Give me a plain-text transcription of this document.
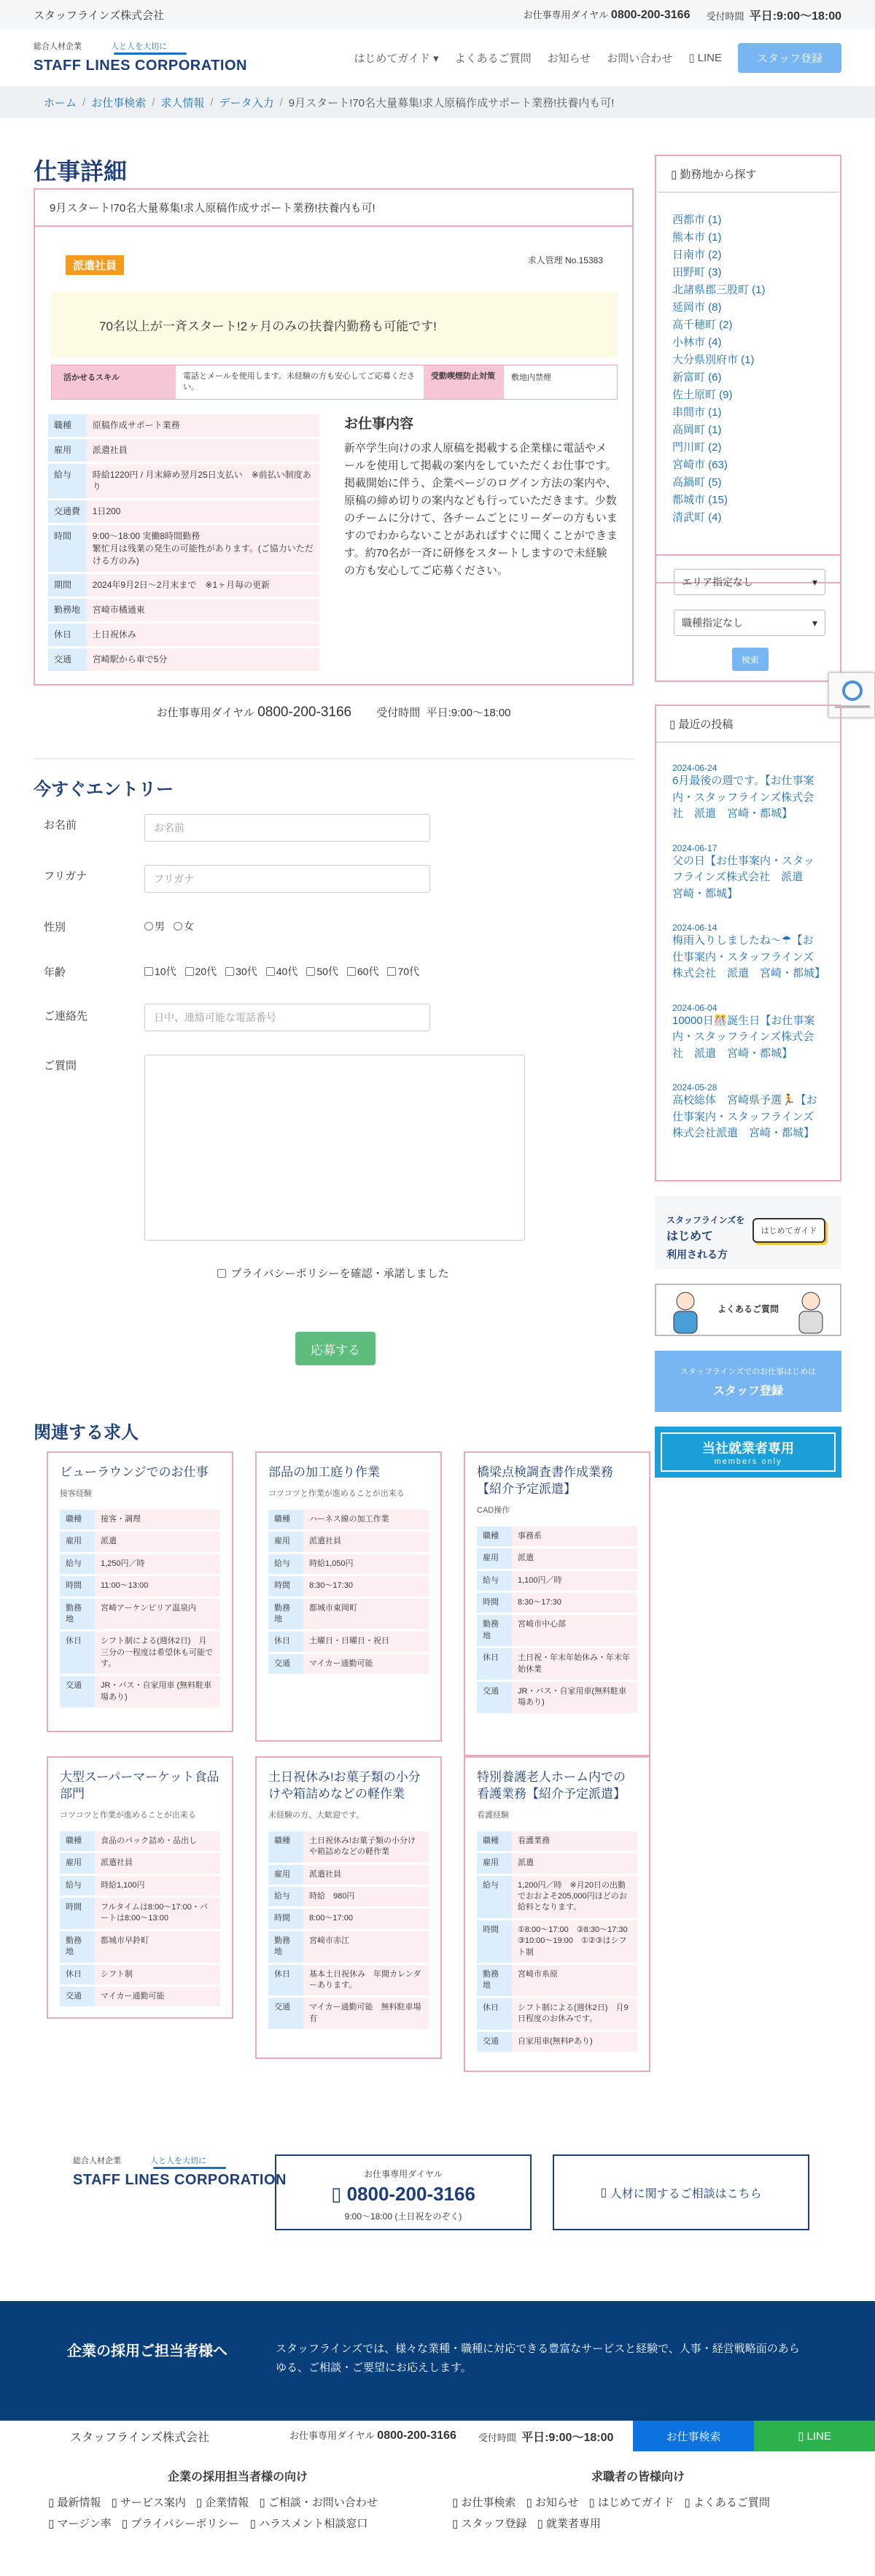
スタッフラインズ株式会社	お仕事専用ダイヤル 0800-200-3166 受付時間 平日:9:00〜18:00
総合人材企業	人と人を大切に
STAFF LINES CORPORATION	はじめてガイド ▾ よくあるご質問 お知らせ お問い合わせ ▯ LINE	スタッフ登録
ホーム / お仕事検索 / 求人情報 / データ入力 / 9月スタート!70名大量募集!求人原稿作成サポート業務!扶養内も可!
仕事詳細
9月スタート!70名大量募集!求人原稿作成サポート業務!扶養内も可!
派遣社員	求人管理 No.15383
70名以上が一斉スタート!2ヶ月のみの扶養内勤務も可能です!
活かせるスキル	電話とメールを使用します。未経験の方も安心してご応募ください。
受動喫煙防止対策	敷地内禁煙
職種	原稿作成サポート業務
雇用	派遣社員
給与	時給1220円 / 月末締め翌月25日支払い　※前払い制度あり
交通費	1日200
時間	9:00〜18:00 実働8時間勤務
繁忙月は残業の発生の可能性があります。(ご協力いただける方のみ)
期間	2024年9月2日〜2月末まで　※1ヶ月毎の更新
勤務地	宮崎市橘通東
休日	土日祝休み
交通	宮崎駅から車で5分
お仕事内容

新卒学生向けの求人原稿を掲載する企業様に電話やメールを使用して掲載の案内をしていただくお仕事です。掲載開始に伴う、企業ページのログイン方法の案内や、原稿の締め切りの案内なども行っていただきます。少数のチームに分けて、各チームごとにリーダーの方もいますのでわからないことがあればすぐに聞くことができます。約70名が一斉に研修をスタートしますので未経験の方も安心してご応募ください。

お仕事専用ダイヤル 0800-200-3166 受付時間 平日:9:00〜18:00
今すぐエントリー
お名前	お名前
フリガナ	フリガナ
性別	男 女
年齢	10代 20代 30代 40代 50代 60代 70代
ご連絡先	日中、連絡可能な電話番号
ご質問
プライバシーポリシーを確認・承諾しました
応募する
関連する求人
ビューラウンジでのお仕事
接客経験
職種	接客・調理
雇用	派遣
給与	1,250円／時
時間	11:00〜13:00
勤務地	宮崎アーケンビリア温泉内
休日	シフト制による(週休2日)　月三分の一程度は希望休も可能です。
交通	JR・バス・自家用車 (無料駐車場あり)
部品の加工庭り作業
コツコツと作業が進めることが出来る
職種	ハーネス線の加工作業
雇用	派遣社員
給与	時給1,050円
時間	8:30〜17:30
勤務地	都城市東岡町
休日	土曜日・日曜日・祝日
交通	マイカー通勤可能
橋梁点検調査書作成業務【紹介予定派遣】
CAD操作
職種	事務系
雇用	派遣
給与	1,100円／時
時間	8:30〜17:30
勤務地	宮崎市中心部
休日	土日祝・年末年始休み・年末年始休業
交通	JR・バス・自家用車(無料駐車場あり)
大型スーパーマーケット食品部門
コツコツと作業が進めることが出来る
職種	食品のパック詰め・品出し
雇用	派遣社員
給与	時給1,100円
時間	フルタイムは8:00〜17:00・パートは8:00〜13:00
勤務地	都城市早鈴町
休日	シフト制
交通	マイカー通勤可能
土日祝休み!お菓子類の小分けや箱詰めなどの軽作業
未経験の方、大歓迎です。
職種	土日祝休み!お菓子類の小分けや箱詰めなどの軽作業
雇用	派遣社員
給与	時給　980円
時間	8:00〜17:00
勤務地	宮崎市赤江
休日	基本土日祝休み　年間カレンダーあります。
交通	マイカー通勤可能　無料駐車場有
特別養護老人ホーム内での看護業務【紹介予定派遣】
看護経験
職種	看護業務
雇用	派遣
給与	1,200円／時　※月20日の出勤でおおよそ205,000円ほどのお給料となります。
時間	①8:00〜17:00　②8:30〜17:30　③10:00〜19:00　①②③はシフト制
勤務地	宮崎市糸原
休日	シフト制による(週休2日)　月9日程度のお休みです。
交通	自家用車(無料Pあり)
▯ 勤務地から探す
西都市 (1)
熊本市 (1)
日南市 (2)
田野町 (3)
北諸県郡三股町 (1)
延岡市 (8)
高千穂町 (2)
小林市 (4)
大分県別府市 (1)
新富町 (6)
佐土原町 (9)
串間市 (1)
高岡町 (1)
門川町 (2)
宮崎市 (63)
高鍋町 (5)
都城市 (15)
清武町 (4)
エリア指定なし	▾
職種指定なし	▾
検索
▯ 最近の投稿
2024-06-24
6月最後の週です。【お仕事案内・スタッフラインズ株式会社　派遣　宮崎・都城】
2024-06-17
父の日【お仕事案内・スタッフラインズ株式会社　派遣　宮崎・都城】
2024-06-14
梅雨入りしましたね〜☂【お仕事案内・スタッフラインズ株式会社　派遣　宮崎・都城】
2024-06-04
10000日🎊誕生日【お仕事案内・スタッフラインズ株式会社　派遣　宮崎・都城】
2024-05-28
高校総体　宮崎県予選🏃【お仕事案内・スタッフラインズ株式会社派遣　宮崎・都城】
スタッフラインズを
はじめて
利用される方
はじめてガイド
よくあるご質問
スタッフラインズでのお仕事はじめは
スタッフ登録
当社就業者専用
members only
総合人材企業	人と人を大切に
STAFF LINES CORPORATION	お仕事専用ダイヤル
▯ 0800-200-3166
9:00〜18:00 (土日祝をのぞく)
▯ 人材に関するご相談はこちら
企業の採用ご担当者様へ	スタッフラインズでは、様々な業種・職種に対応できる豊富なサービスと経験で、人事・経営戦略面のあらゆる、ご相談・ご要望にお応えします。
スタッフラインズ株式会社	お仕事専用ダイヤル 0800-200-3166 受付時間 平日:9:00〜18:00	お仕事検索	▯ LINE
企業の採用担当者様の向け
▯ 最新情報 ▯ サービス案内 ▯ 企業情報 ▯ ご相談・お問い合わせ
▯ マージン率 ▯ プライバシーポリシー ▯ ハラスメント相談窓口
求職者の皆様向け
▯ お仕事検索 ▯ お知らせ ▯ はじめてガイド ▯ よくあるご質問
▯ スタッフ登録 ▯ 就業者専用
